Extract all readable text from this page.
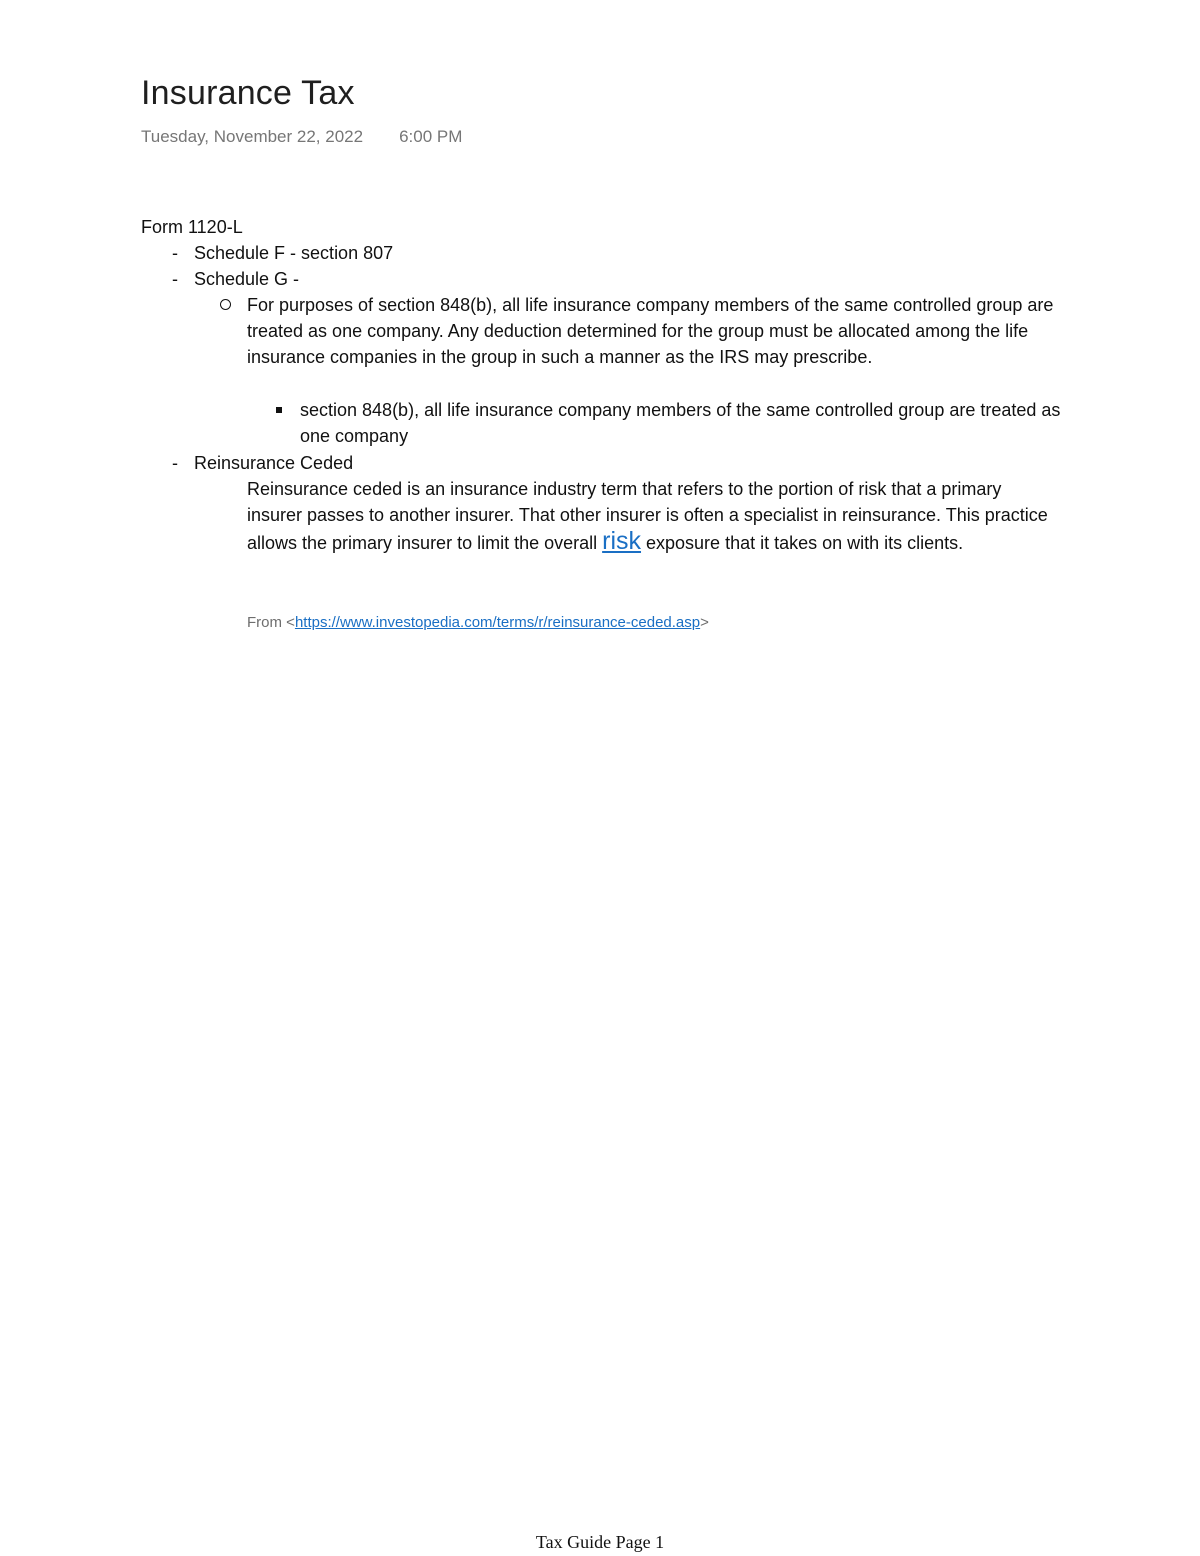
Insurance Tax
Tuesday, November 22, 2022 6:00 PM
Form 1120-L
- Schedule F - section 807
- Schedule G -
For purposes of section 848(b), all life insurance company members of the same controlled group are treated as one company. Any deduction determined for the group must be allocated among the life insurance companies in the group in such a manner as the IRS may prescribe.
section 848(b), all life insurance company members of the same controlled group are treated as one company
- Reinsurance Ceded
Reinsurance ceded is an insurance industry term that refers to the portion of risk that a primary insurer passes to another insurer. That other insurer is often a specialist in reinsurance. This practice allows the primary insurer to limit the overall risk exposure that it takes on with its clients.
From <https://www.investopedia.com/terms/r/reinsurance-ceded.asp>
Tax Guide Page 1
